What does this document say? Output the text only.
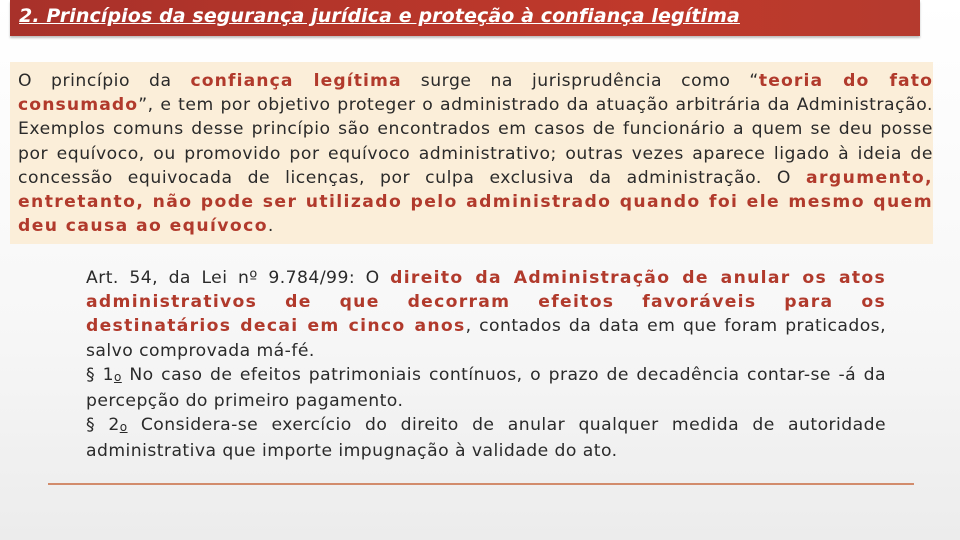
2. Princípios da segurança jurídica e proteção à confiança legítima
O princípio da confiança legítima surge na jurisprudência como “teoria do fato consumado”, e tem por objetivo proteger o administrado da atuação arbitrária da Administração. Exemplos comuns desse princípio são encontrados em casos de funcionário a quem se deu posse por equívoco, ou promovido por equívoco administrativo; outras vezes aparece ligado à ideia de concessão equivocada de licenças, por culpa exclusiva da administração. O argumento, entretanto, não pode ser utilizado pelo administrado quando foi ele mesmo quem deu causa ao equívoco.

Art. 54, da Lei nº 9.784/99: O direito da Administração de anular os atos administrativos de que decorram efeitos favoráveis para os destinatários decai em cinco anos, contados da data em que foram praticados, salvo comprovada má-fé.

§ 1o No caso de efeitos patrimoniais contínuos, o prazo de decadência contar-se -á da percepção do primeiro pagamento.

§ 2o Considera-se exercício do direito de anular qualquer medida de autoridade administrativa que importe impugnação à validade do ato.
